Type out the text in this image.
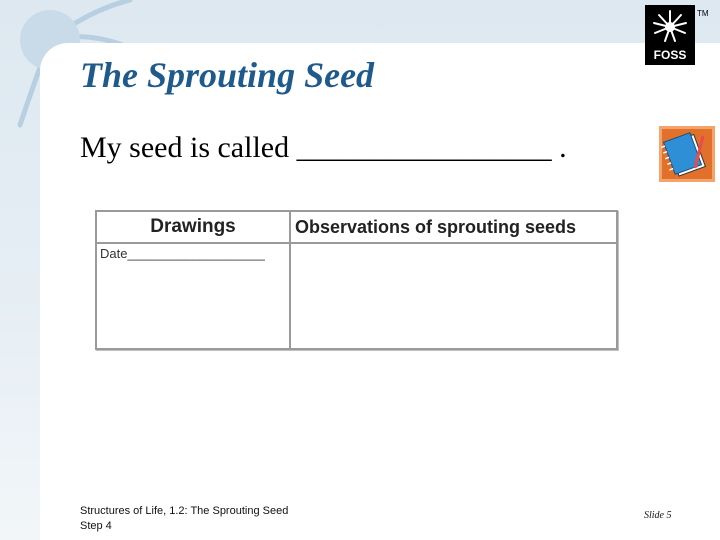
The Sprouting Seed
My seed is called _________________ .
TM
FOSS
Drawings	Observations of sprouting seeds

Date___________________	

Structures of Life, 1.2: The Sprouting Seed
Step 4
Slide 5
